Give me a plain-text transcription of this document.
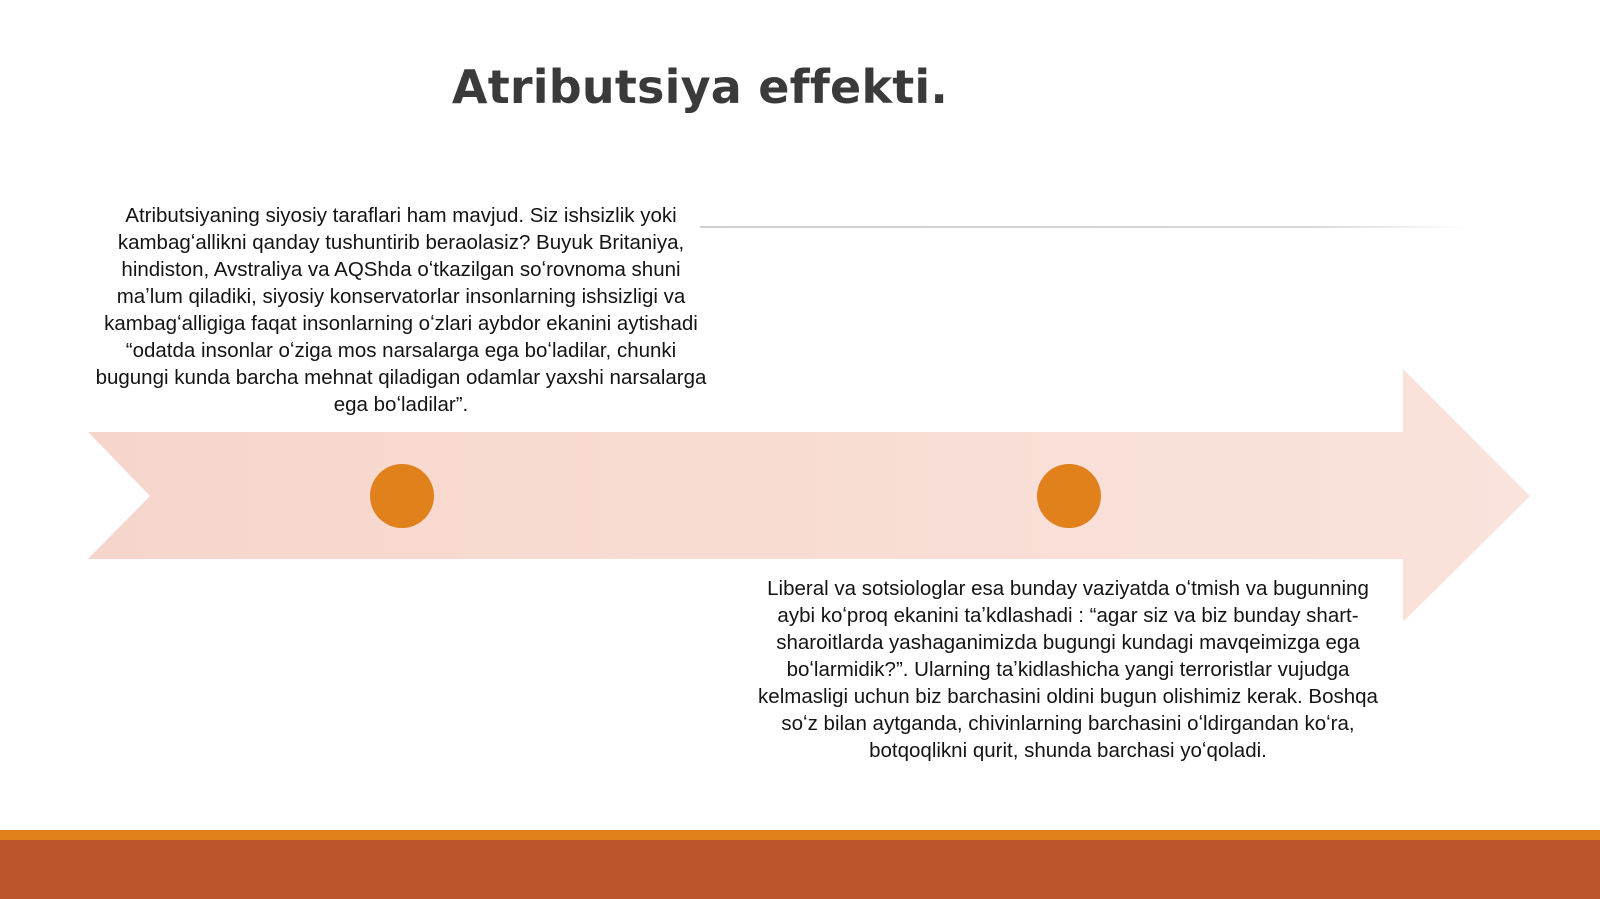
Atributsiya effekti.
Atributsiyaning siyosiy taraflari ham mavjud. Siz ishsizlik yoki kambagʻallikni qanday tushuntirib beraolasiz? Buyuk Britaniya, hindiston, Avstraliya va AQShda oʻtkazilgan soʻrovnoma shuni maʼlum qiladiki, siyosiy konservatorlar insonlarning ishsizligi va kambagʻalligiga faqat insonlarning oʻzlari aybdor ekanini aytishadi “odatda insonlar oʻziga mos narsalarga ega boʻladilar, chunki bugungi kunda barcha mehnat qiladigan odamlar yaxshi narsalarga ega boʻladilar”.
Liberal va sotsiologlar esa bunday vaziyatda oʻtmish va bugunning aybi koʻproq ekanini taʼkdlashadi : “agar siz va biz bunday shart-sharoitlarda yashaganimizda bugungi kundagi mavqeimizga ega boʻlarmidik?”. Ularning taʼkidlashicha yangi terroristlar vujudga kelmasligi uchun biz barchasini oldini bugun olishimiz kerak. Boshqa soʻz bilan aytganda, chivinlarning barchasini oʻldirgandan koʻra, botqoqlikni qurit, shunda barchasi yoʻqoladi.
